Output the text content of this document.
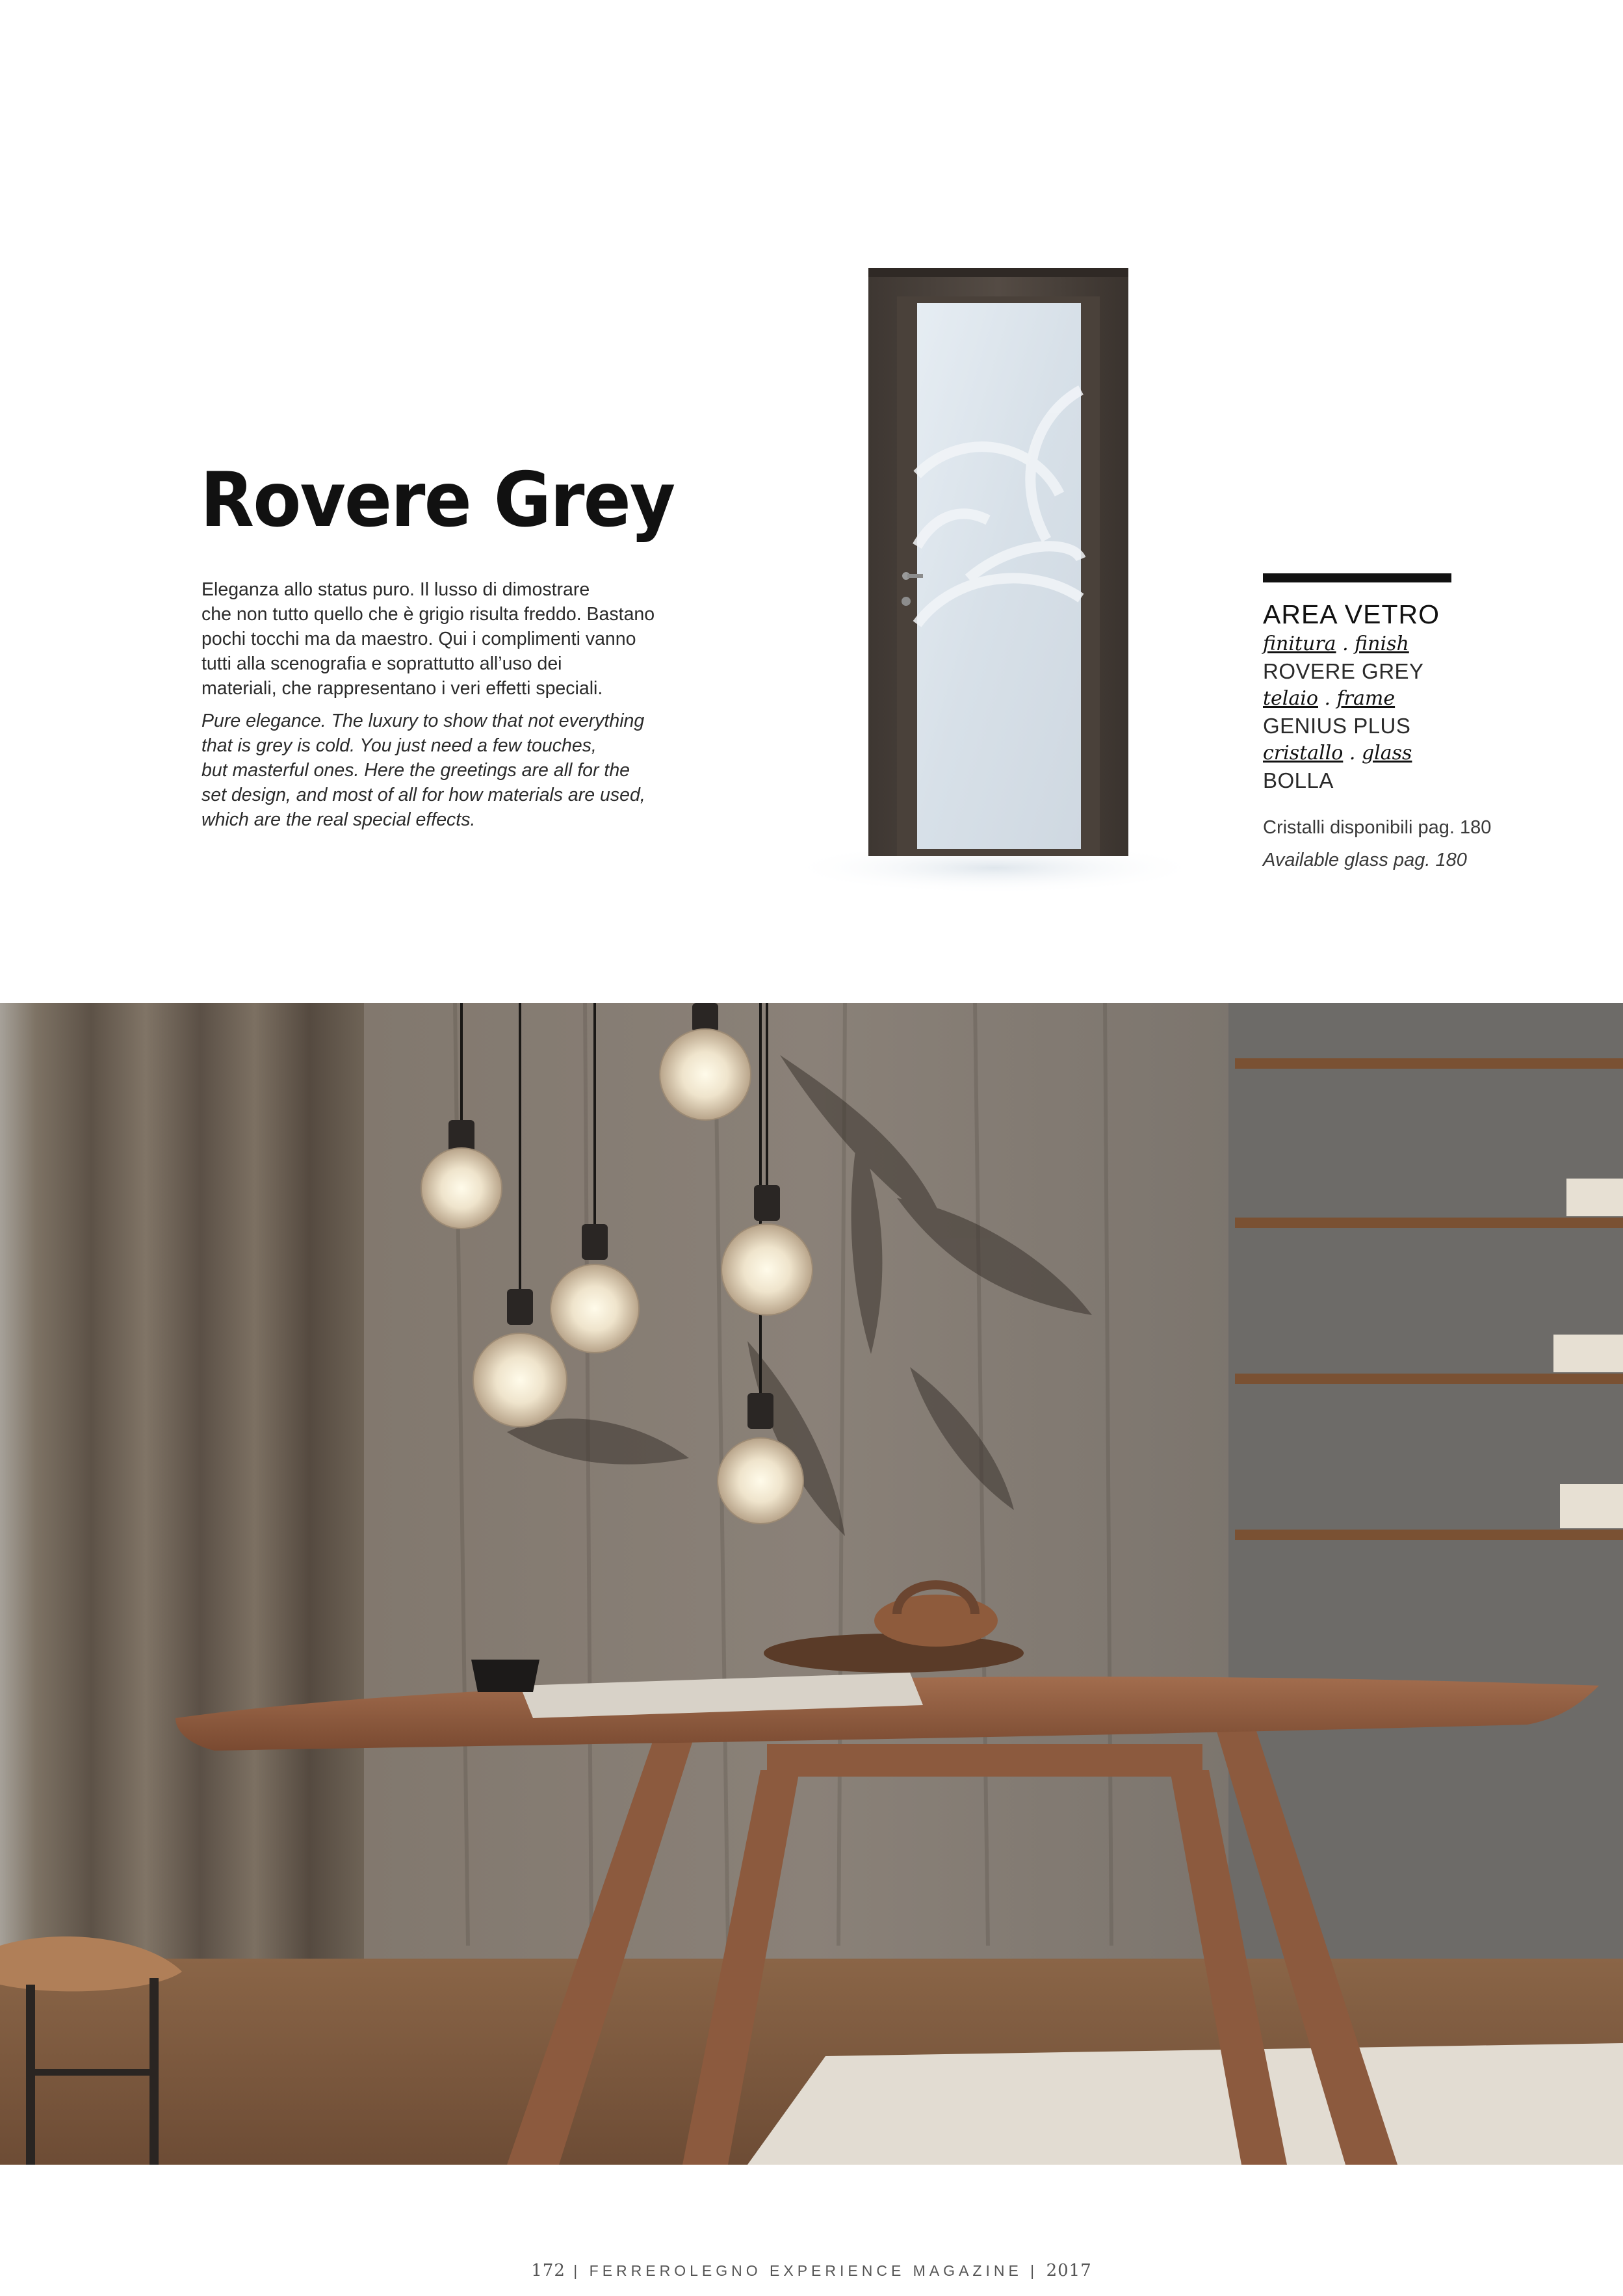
Rovere Grey

Eleganza allo status puro. Il lusso di dimostrare

che non tutto quello che è grigio risulta freddo. Bastano

pochi tocchi ma da maestro. Qui i complimenti vanno

tutti alla scenografia e soprattutto all’uso dei

materiali, che rappresentano i veri effetti speciali.

Pure elegance. The luxury to show that not everything

that is grey is cold. You just need a few touches,

but masterful ones. Here the greetings are all for the

set design, and most of all for how materials are used,

which are the real special effects.

AREA VETRO
finitura . finish
ROVERE GREY
telaio . frame
GENIUS PLUS
cristallo . glass
BOLLA
Cristalli disponibili pag. 180
Available glass pag. 180
172 | FERREROLEGNO EXPERIENCE MAGAZINE | 2017
